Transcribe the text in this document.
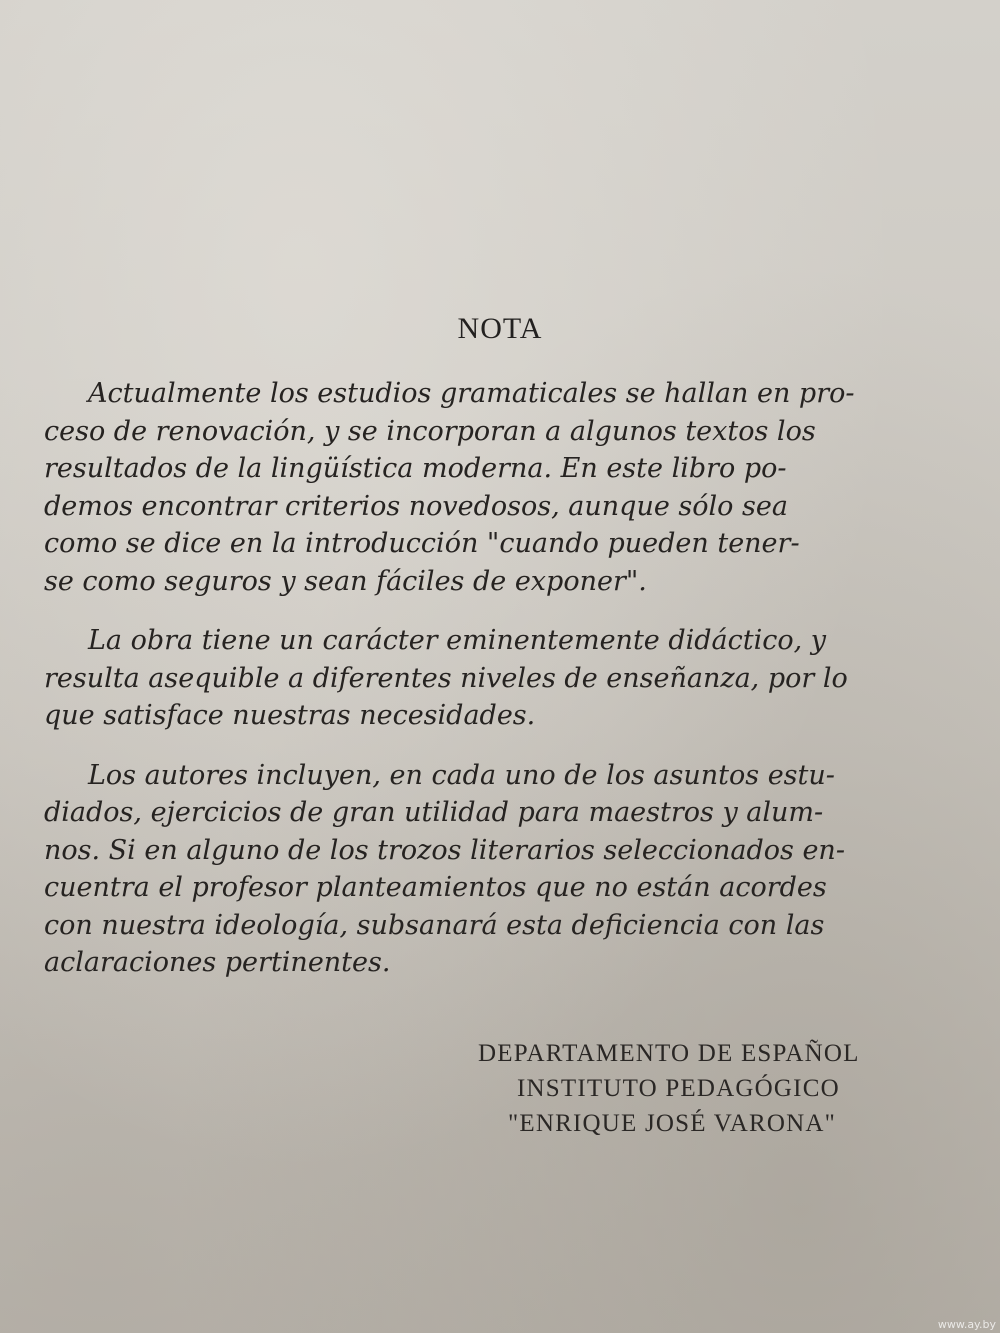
NOTA
Actualmente los estudios gramaticales se hallan en pro-
ceso de renovación, y se incorporan a algunos textos los
resultados de la lingüística moderna. En este libro po-
demos encontrar criterios novedosos, aunque sólo sea
como se dice en la introducción "cuando pueden tener-
se como seguros y sean fáciles de exponer".
La obra tiene un carácter eminentemente didáctico, y
resulta asequible a diferentes niveles de enseñanza, por lo
que satisface nuestras necesidades.
Los autores incluyen, en cada uno de los asuntos estu-
diados, ejercicios de gran utilidad para maestros y alum-
nos. Si en alguno de los trozos literarios seleccionados en-
cuentra el profesor planteamientos que no están acordes
con nuestra ideología, subsanará esta deficiencia con las
aclaraciones pertinentes.
DEPARTAMENTO DE ESPAÑOL
INSTITUTO PEDAGÓGICO
"ENRIQUE JOSÉ VARONA"
www.ay.by
